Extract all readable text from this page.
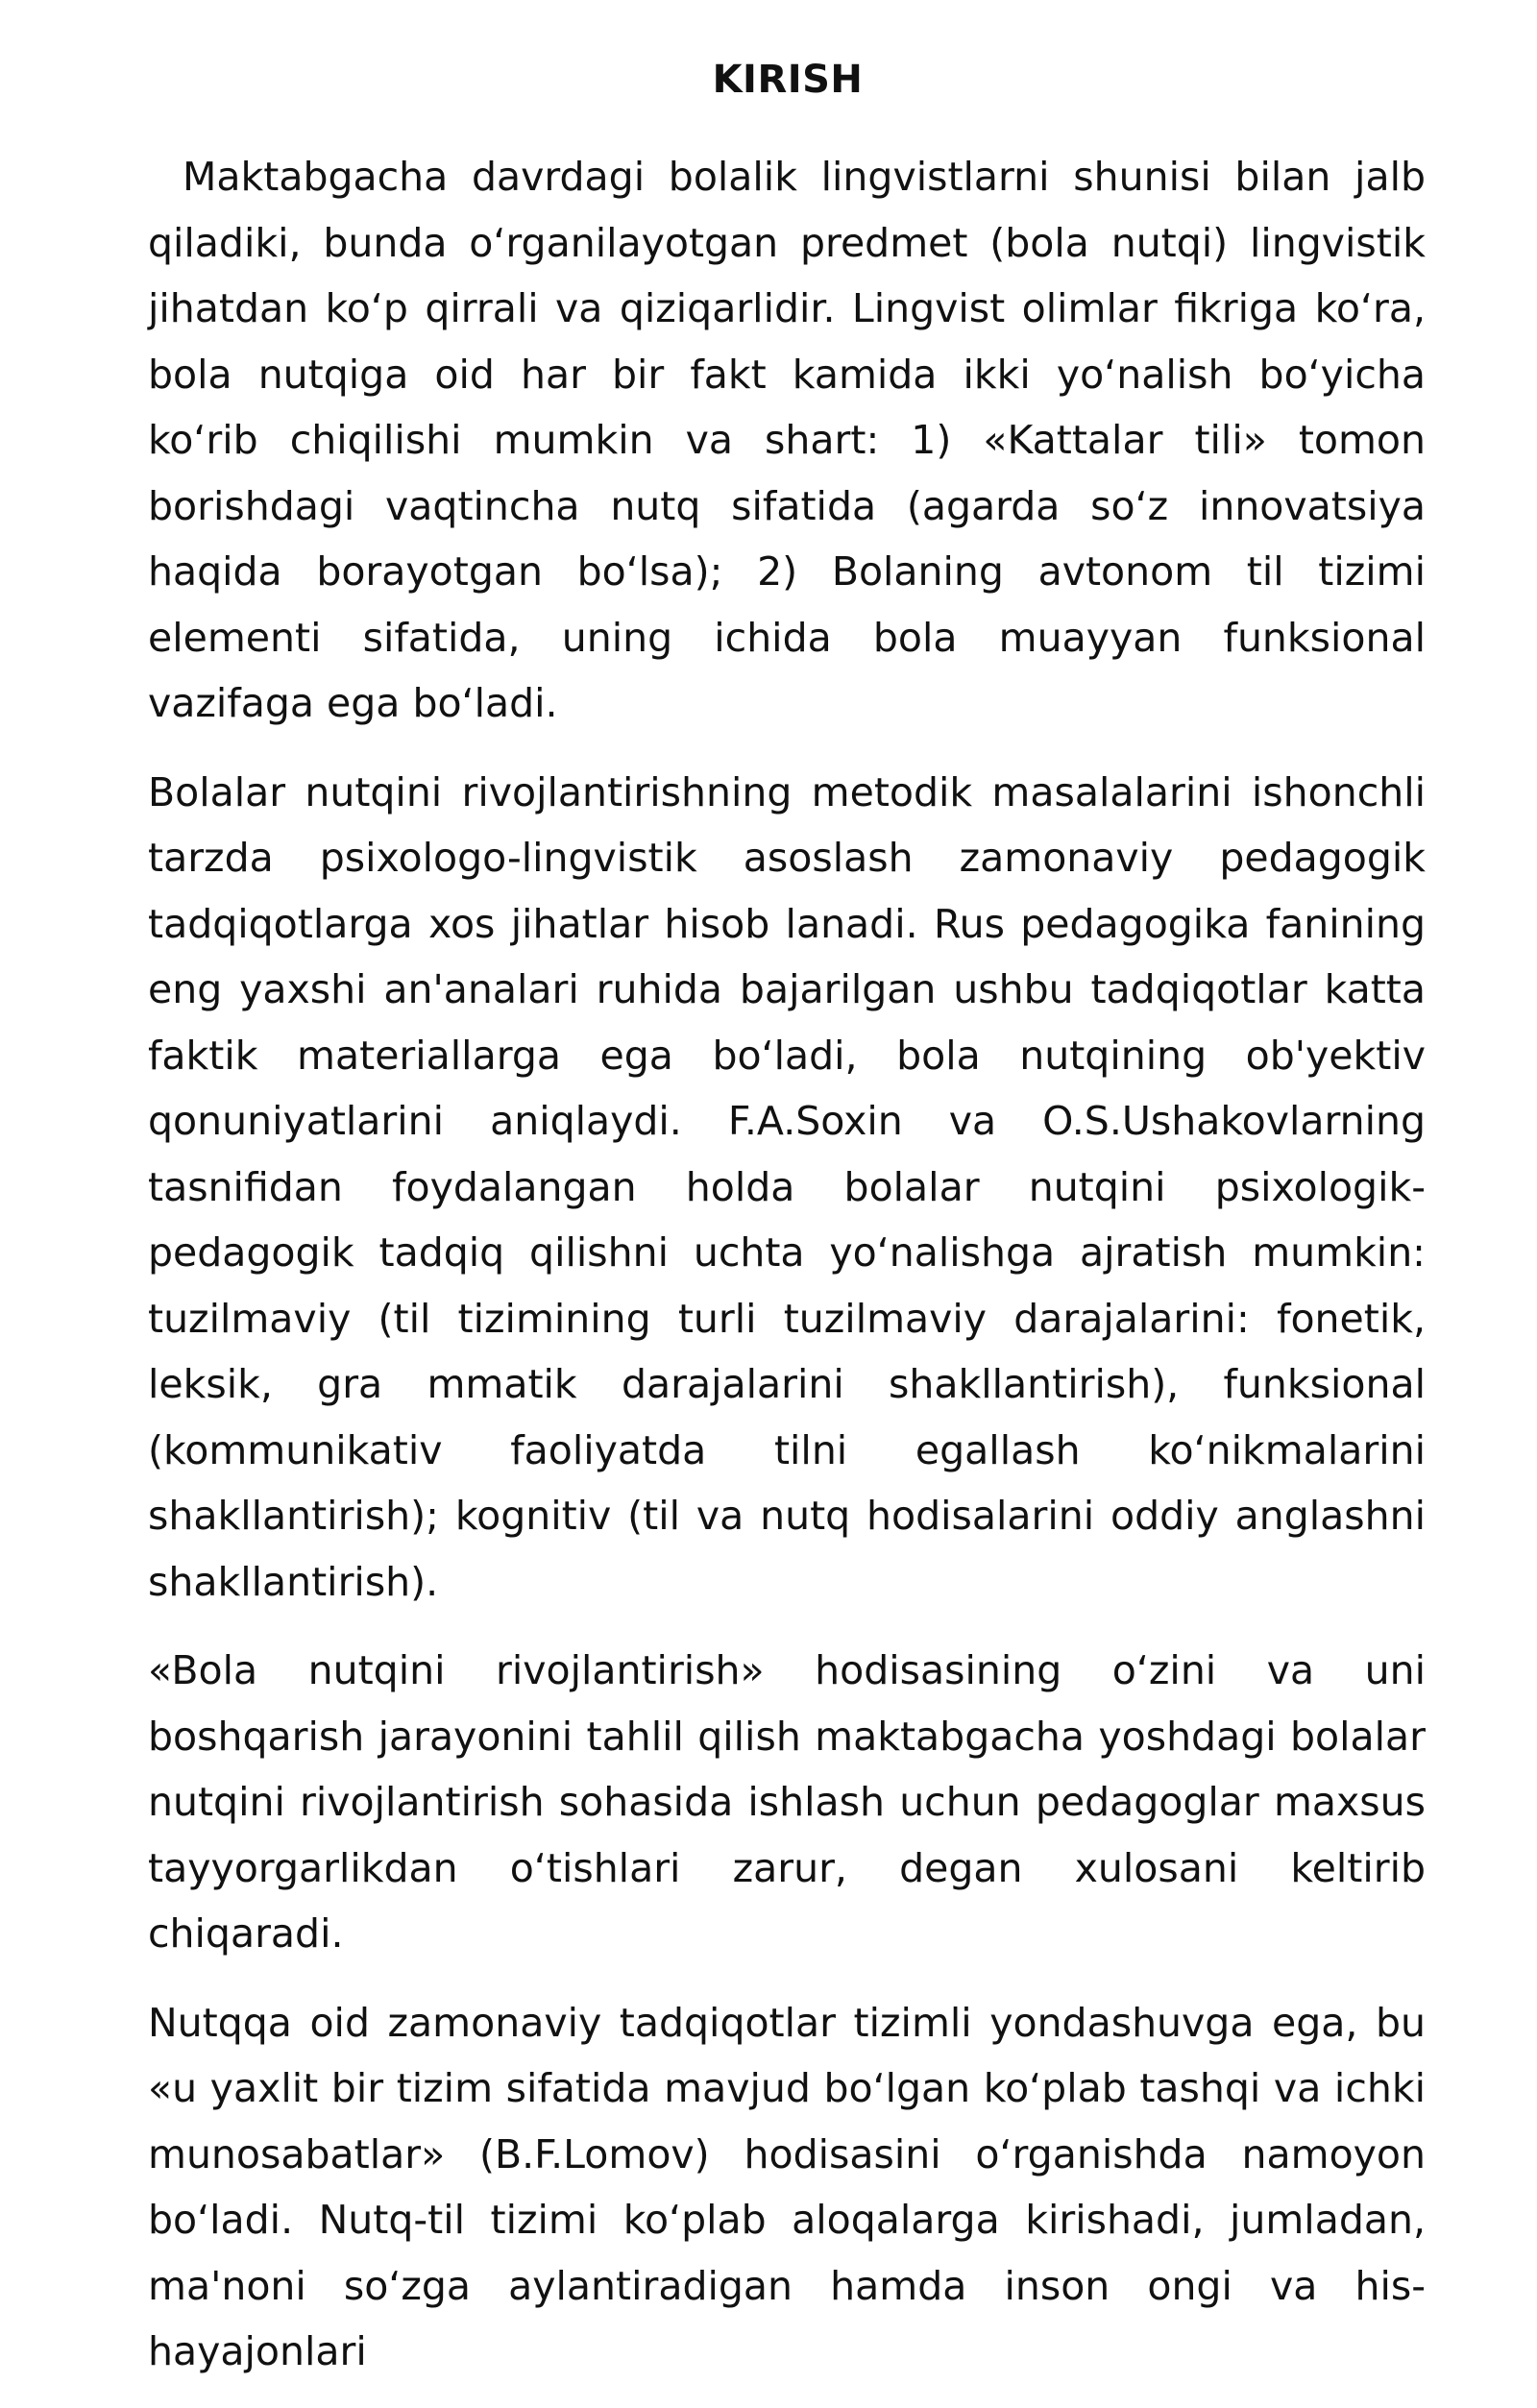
KIRISH

Maktabgacha davrdagi bolalik lingvistlarni shunisi bilan jalb qiladiki, bunda o‘rganilayotgan predmet (bola nutqi) lingvistik jihatdan ko‘p qirrali va qiziqarlidir. Lingvist olimlar fikriga ko‘ra, bola nutqiga oid har bir fakt kamida ikki yo‘nalish bo‘yicha ko‘rib chiqilishi mumkin va shart: 1) «Kattalar tili» tomon borishdagi vaqtincha nutq sifatida (agarda so‘z innovatsiya haqida borayotgan bo‘lsa); 2) Bolaning avtonom til tizimi elementi sifatida, uning ichida bola muayyan funksional vazifaga ega bo‘ladi.

Bolalar nutqini rivojlantirishning metodik masalalarini ishonchli tarzda psixologo-lingvistik asoslash zamonaviy pedagogik tadqiqotlarga xos jihatlar hisob lanadi. Rus pedagogika fanining eng yaxshi an'analari ruhida bajarilgan ushbu tadqiqotlar katta faktik materiallarga ega bo‘ladi, bola nutqining ob'yektiv qonuniyatlarini aniqlaydi. F.A.Soxin va O.S.Ushakovlarning tasnifidan foydalangan holda bolalar nutqini psixologik-pedagogik tadqiq qilishni uchta yo‘nalishga ajratish mumkin: tuzilmaviy (til tizimining turli tuzilmaviy darajalarini: fonetik, leksik, gra mmatik darajalarini shakllantirish), funksional (kommunikativ faoliyatda tilni egallash ko‘nikmalarini shakllantirish); kognitiv (til va nutq hodisalarini oddiy anglashni shakllantirish).

«Bola nutqini rivojlantirish» hodisasining o‘zini va uni boshqarish jarayonini tahlil qilish maktabgacha yoshdagi bolalar nutqini rivojlantirish sohasida ishlash uchun pedagoglar maxsus tayyorgarlikdan o‘tishlari zarur, degan xulosani keltirib chiqaradi.

Nutqqa oid zamonaviy tadqiqotlar tizimli yondashuvga ega, bu «u yaxlit bir tizim sifatida mavjud bo‘lgan ko‘plab tashqi va ichki munosabatlar» (B.F.Lomov) hodisasini o‘rganishda namoyon bo‘ladi. Nutq-til tizimi ko‘plab aloqalarga kirishadi, jumladan, ma'noni so‘zga aylantiradigan hamda inson ongi va his-hayajonlari
